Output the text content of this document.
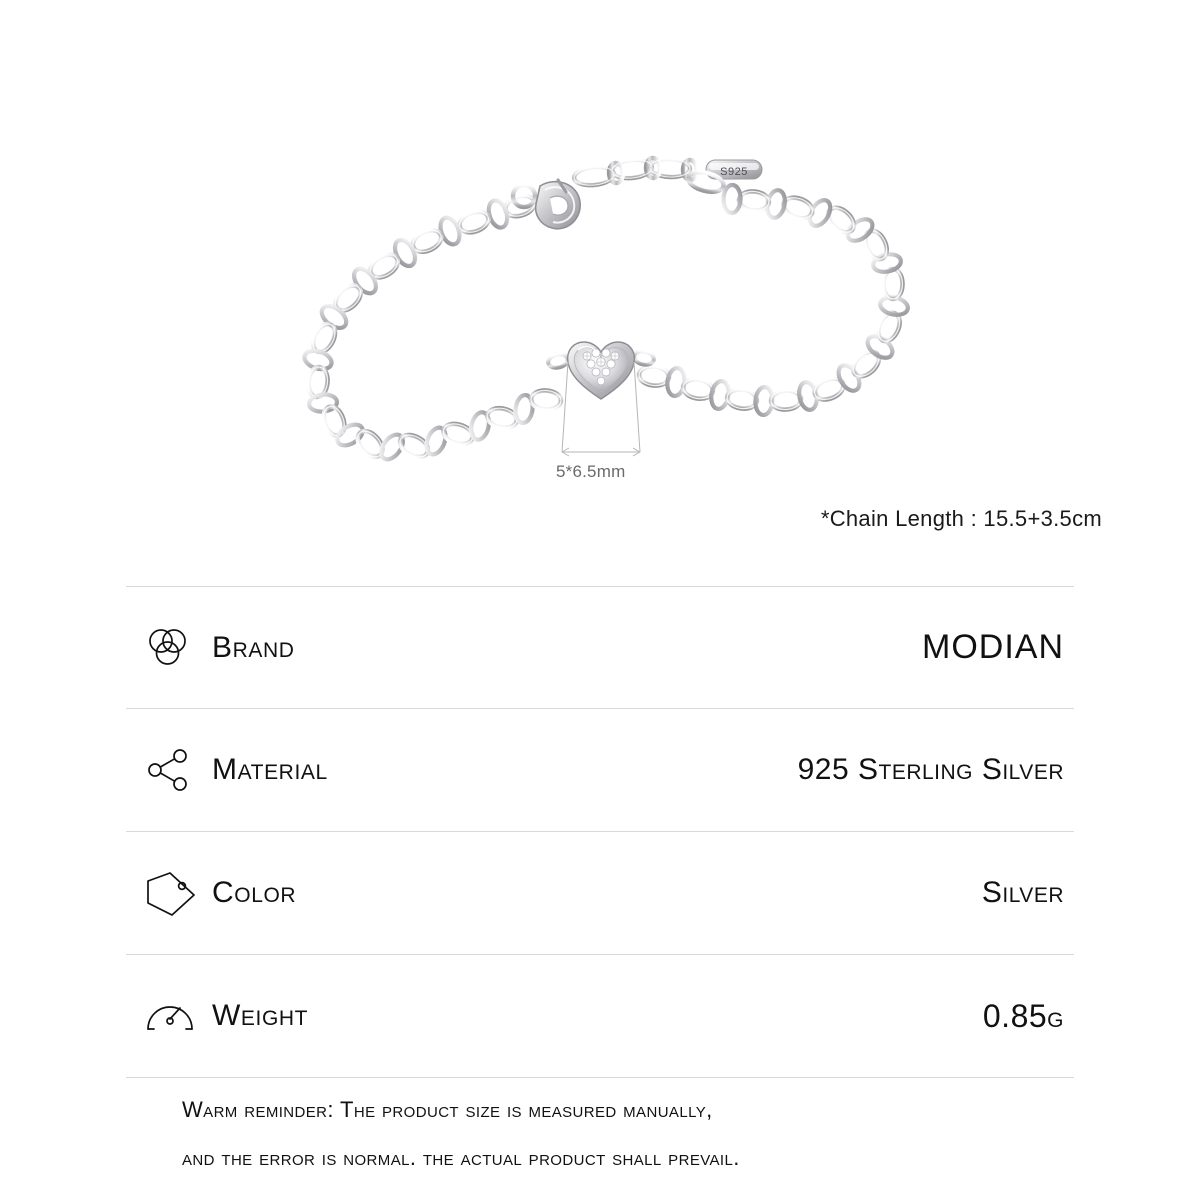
S925
5*6.5mm
*Chain Length : 15.5+3.5cm
Brand	MODIAN
Material	925 Sterling Silver
Color	Silver
Weight	0.85G
Warm reminder: The product size is measured manually,
and the error is normal. the actual product shall prevail.
